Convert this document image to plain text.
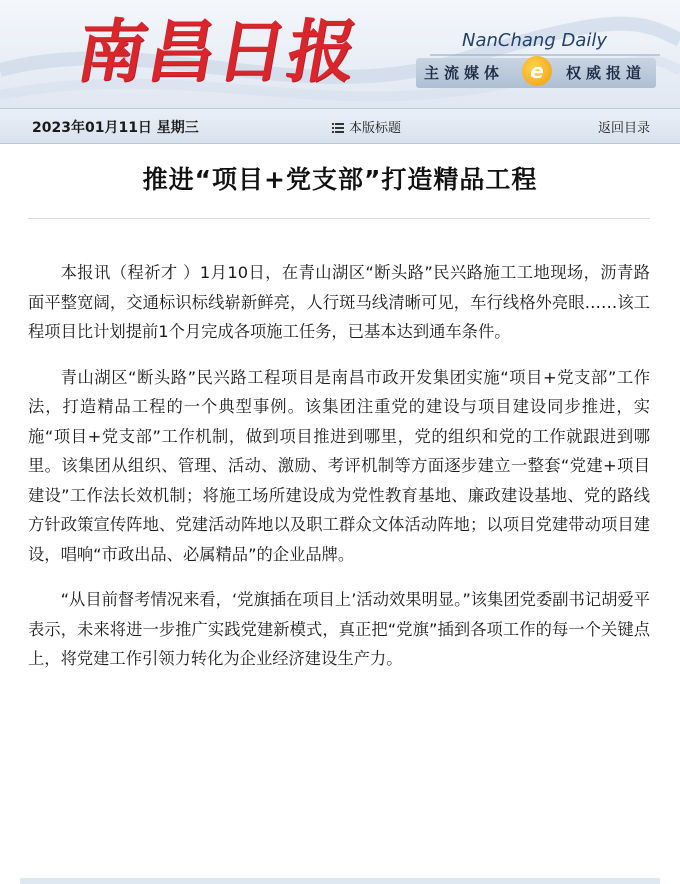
南昌日报	NanChang Daily
主流媒体	e	权威报道
2023年01月11日 星期三	本版标题	返回目录
推进“项目+党支部”打造精品工程

本报讯（程祈才 ）1月10日，在青山湖区“断头路”民兴路施工工地现场，沥青路面平整宽阔，交通标识标线崭新鲜亮，人行斑马线清晰可见，车行线格外亮眼……该工程项目比计划提前1个月完成各项施工任务，已基本达到通车条件。

青山湖区“断头路”民兴路工程项目是南昌市政开发集团实施“项目+党支部”工作法，打造精品工程的一个典型事例。该集团注重党的建设与项目建设同步推进，实施“项目+党支部”工作机制，做到项目推进到哪里，党的组织和党的工作就跟进到哪里。该集团从组织、管理、活动、激励、考评机制等方面逐步建立一整套“党建+项目建设”工作法长效机制；将施工场所建设成为党性教育基地、廉政建设基地、党的路线方针政策宣传阵地、党建活动阵地以及职工群众文体活动阵地；以项目党建带动项目建设，唱响“市政出品、必属精品”的企业品牌。

“从目前督考情况来看，‘党旗插在项目上’活动效果明显。”该集团党委副书记胡爱平表示，未来将进一步推广实践党建新模式，真正把“党旗”插到各项工作的每一个关键点上，将党建工作引领力转化为企业经济建设生产力。
